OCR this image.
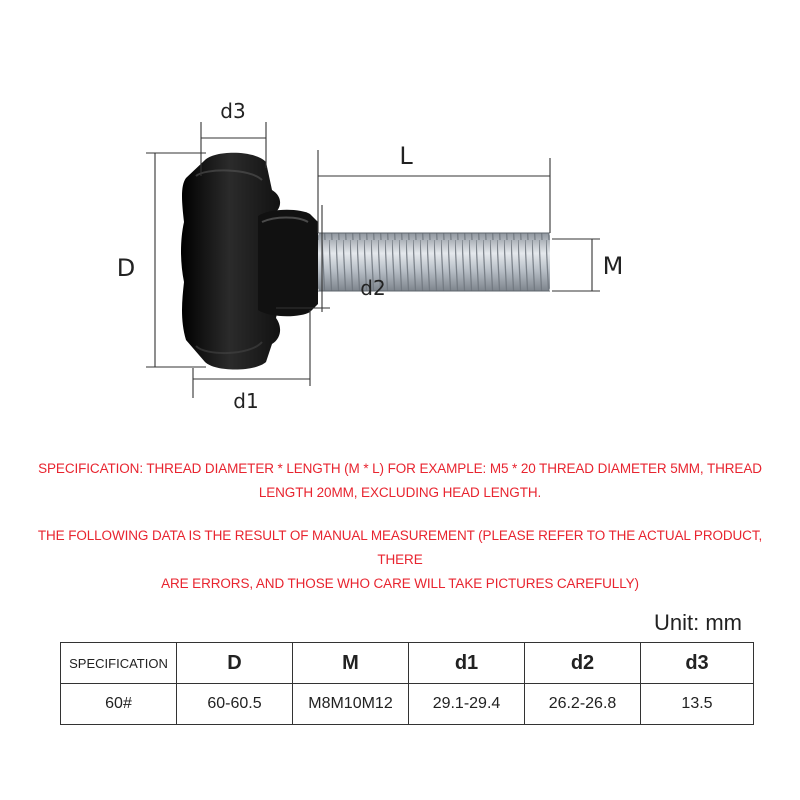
d3
L
D	M
d2
d1
SPECIFICATION: THREAD DIAMETER * LENGTH (M * L) FOR EXAMPLE: M5 * 20 THREAD DIAMETER 5MM, THREAD
LENGTH 20MM, EXCLUDING HEAD LENGTH.
THE FOLLOWING DATA IS THE RESULT OF MANUAL MEASUREMENT (PLEASE REFER TO THE ACTUAL PRODUCT, THERE
ARE ERRORS, AND THOSE WHO CARE WILL TAKE PICTURES CAREFULLY)
Unit: mm
SPECIFICATION	D	M	d1	d2	d3
60#	60-60.5	M8M10M12	29.1-29.4	26.2-26.8	13.5
